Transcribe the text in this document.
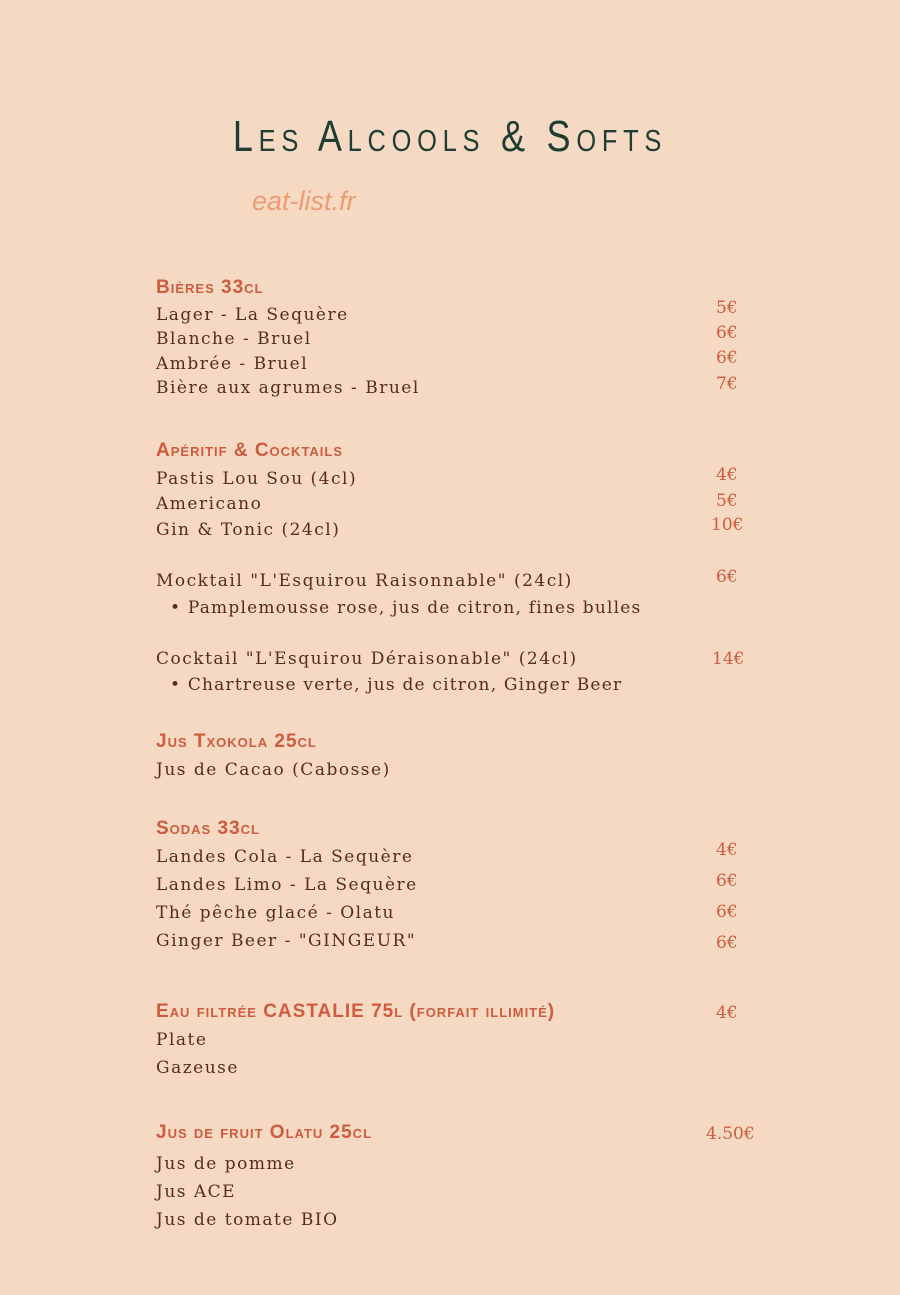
Les Alcools & Softs
eat-list.fr
Bières 33cl
Lager - La Sequère	5€
Blanche - Bruel	6€
Ambrée - Bruel	6€
Bière aux agrumes - Bruel	7€
Apéritif & Cocktails
Pastis Lou Sou (4cl)	4€
Americano	5€
Gin & Tonic (24cl)	10€
Mocktail "L'Esquirou Raisonnable" (24cl)	6€
• Pamplemousse rose, jus de citron, fines bulles
Cocktail "L'Esquirou Déraisonable" (24cl)	14€
• Chartreuse verte, jus de citron, Ginger Beer
Jus Txokola 25cl
Jus de Cacao (Cabosse)
Sodas 33cl
Landes Cola - La Sequère	4€
Landes Limo - La Sequère	6€
Thé pêche glacé - Olatu	6€
Ginger Beer - "GINGEUR"	6€
Eau filtrée CASTALIE 75l (forfait illimité)	4€
Plate
Gazeuse
Jus de fruit Olatu 25cl	4.50€
Jus de pomme
Jus ACE
Jus de tomate BIO
